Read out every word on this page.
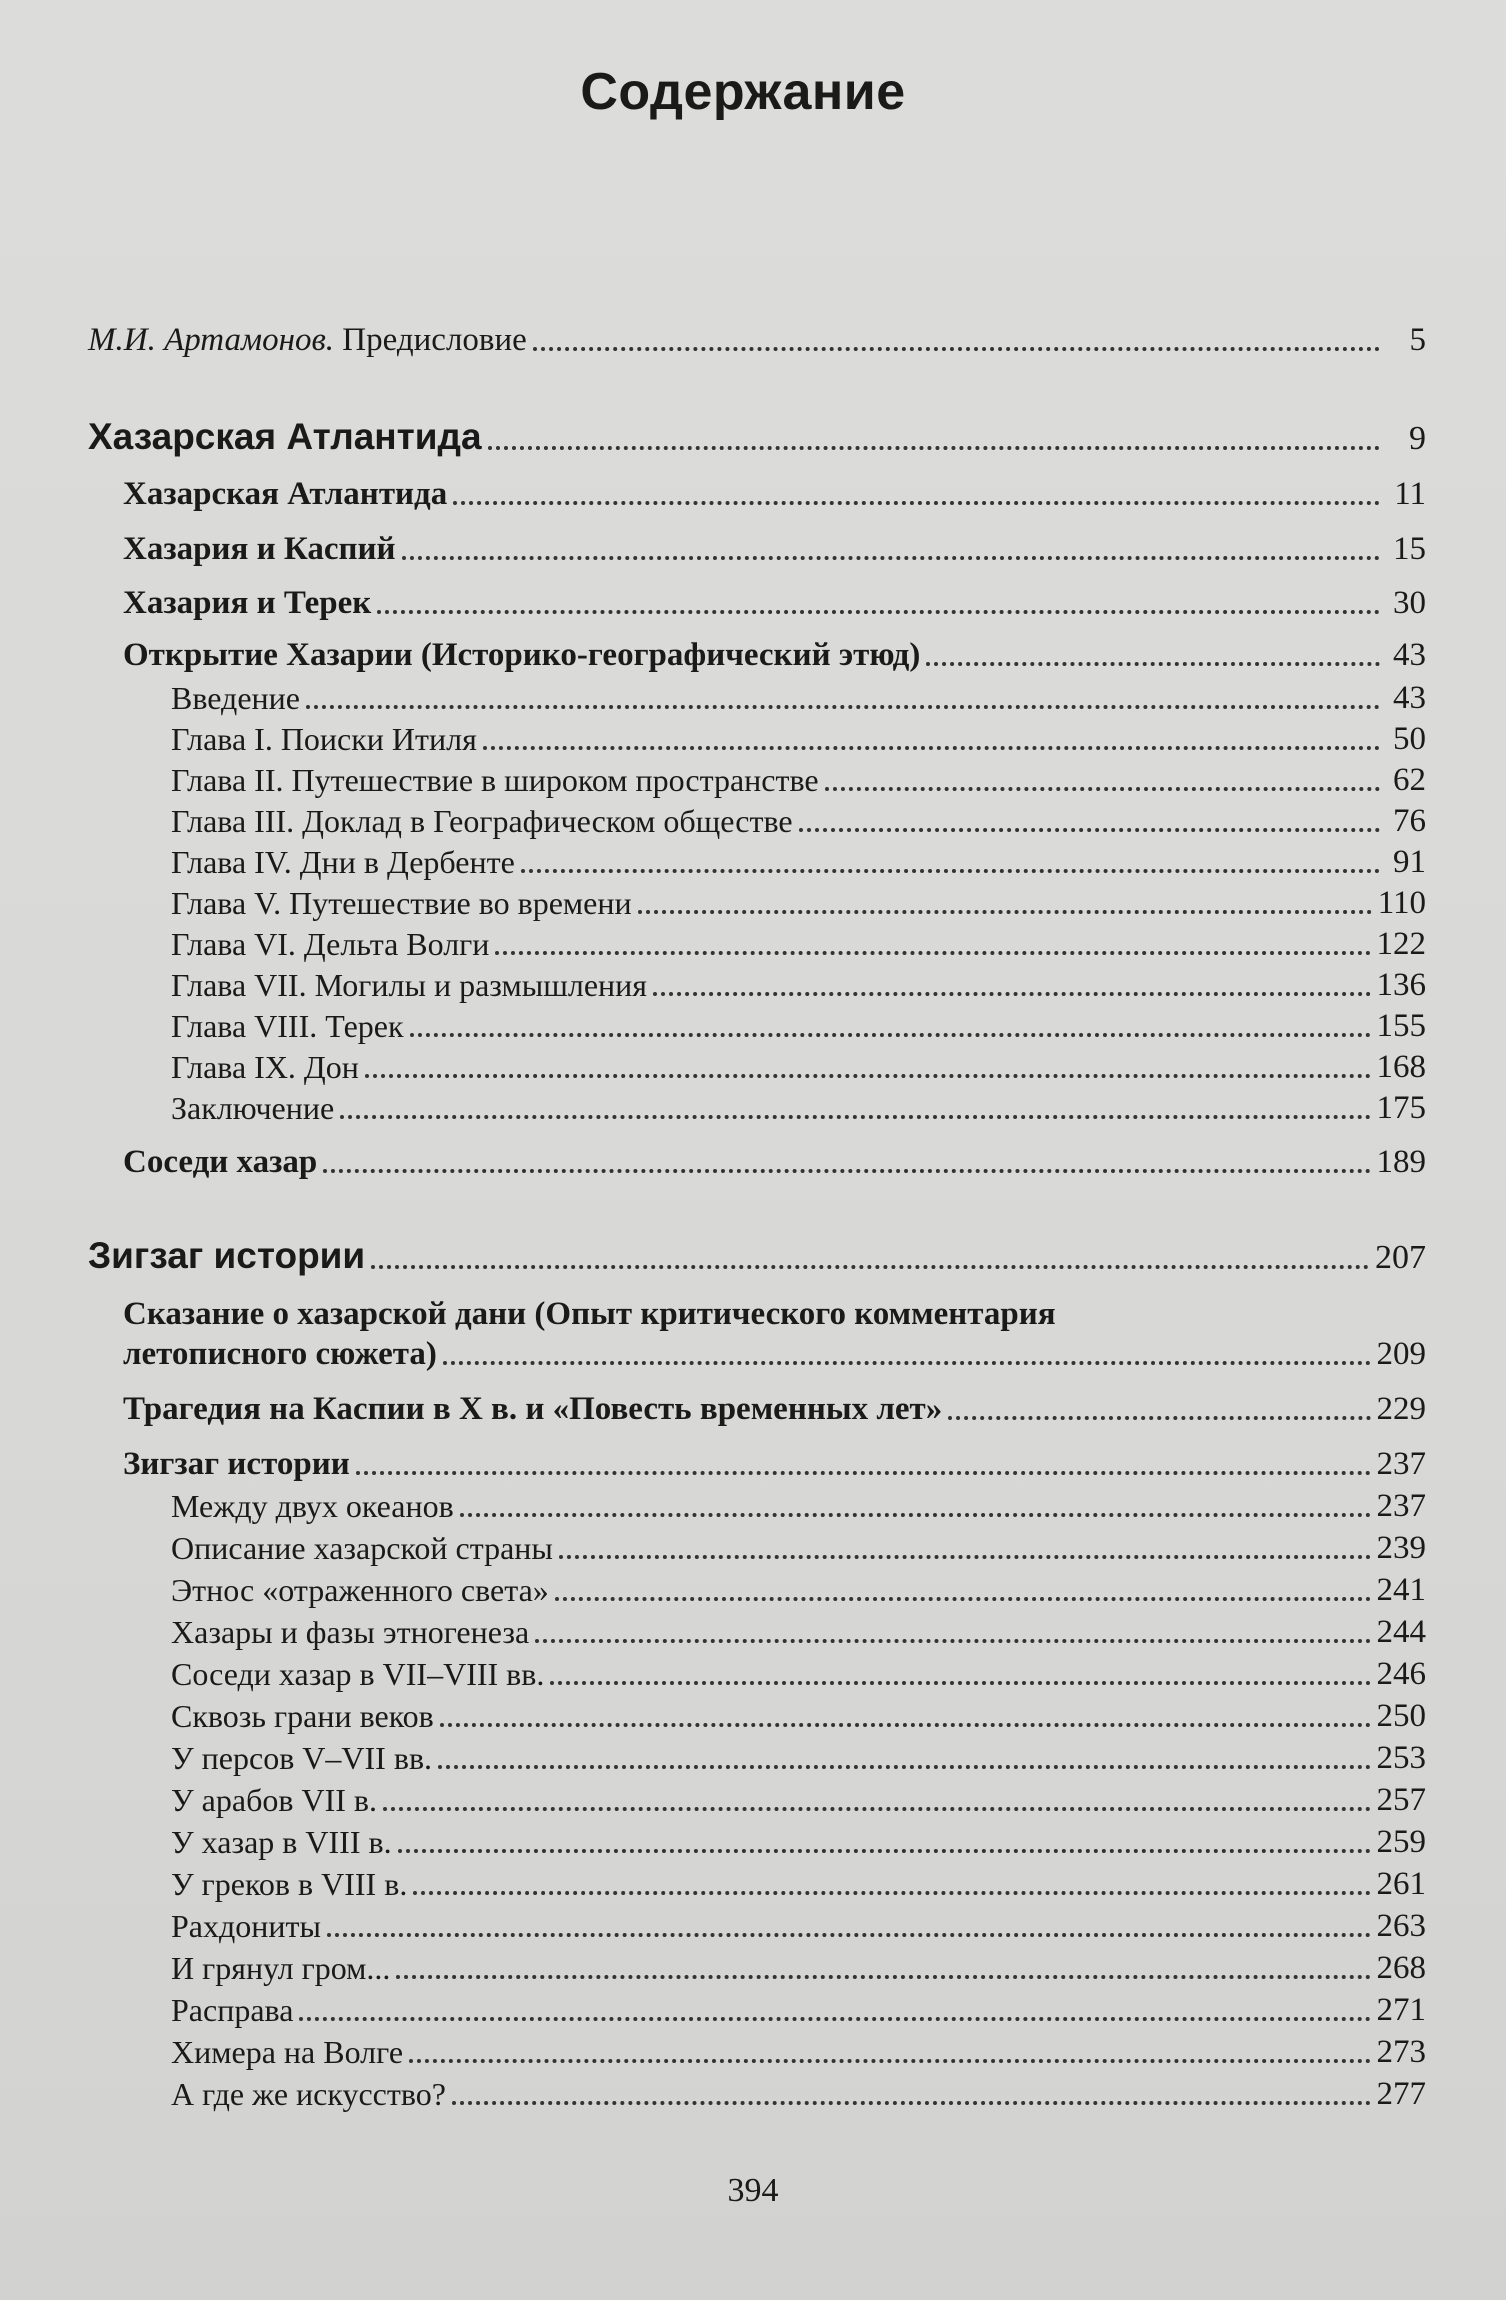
Содержание
М.И. Артамонов. Предисловие	5
Хазарская Атлантида	9
Хазарская Атлантида	11
Хазария и Каспий	15
Хазария и Терек	30
Открытие Хазарии (Историко-географический этюд)	43
Введение	43
Глава I. Поиски Итиля	50
Глава II. Путешествие в широком пространстве	62
Глава III. Доклад в Географическом обществе	76
Глава IV. Дни в Дербенте	91
Глава V. Путешествие во времени	110
Глава VI. Дельта Волги	122
Глава VII. Могилы и размышления	136
Глава VIII. Терек	155
Глава IX. Дон	168
Заключение	175
Соседи хазар	189
Зигзаг истории	207
Сказание о хазарской дани (Опыт критического комментария
летописного сюжета)	209
Трагедия на Каспии в X в. и «Повесть временных лет»	229
Зигзаг истории	237
Между двух океанов	237
Описание хазарской страны	239
Этнос «отраженного света»	241
Хазары и фазы этногенеза	244
Соседи хазар в VII–VIII вв.	246
Сквозь грани веков	250
У персов V–VII вв.	253
У арабов VII в.	257
У хазар в VIII в.	259
У греков в VIII в.	261
Рахдониты	263
И грянул гром...	268
Расправа	271
Химера на Волге	273
А где же искусство?	277
394
